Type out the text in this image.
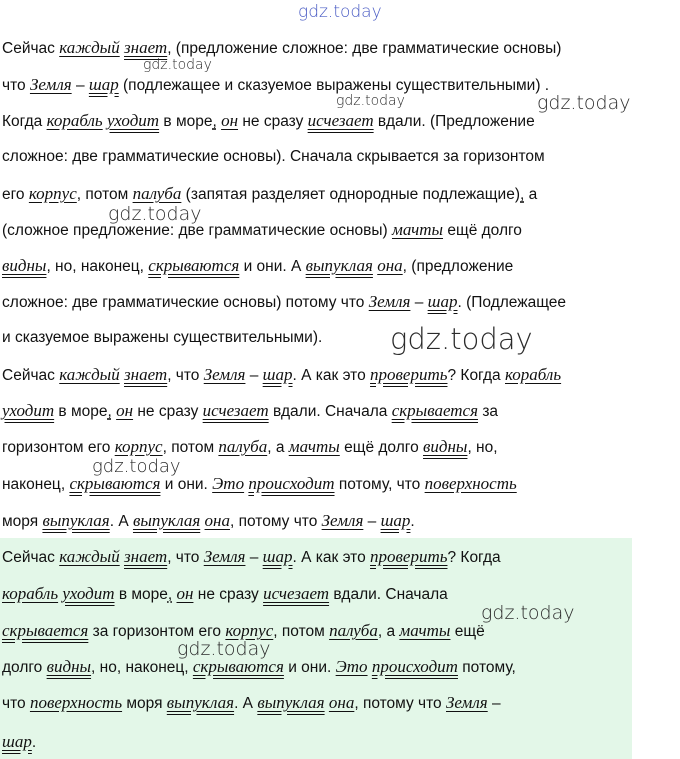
Сейчас каждый знает, (предложение сложное: две грамматические основы)
что Земля – шар (подлежащее и сказуемое выражены существительными) .
Когда корабль уходит в море, он не сразу исчезает вдали. (Предложение
сложное: две грамматические основы). Сначала скрывается за горизонтом
его корпус, потом палуба (запятая разделяет однородные подлежащие), а
(сложное предложение: две грамматические основы) мачты ещё долго
видны, но, наконец, скрываются и они. А выпуклая она, (предложение
сложное: две грамматические основы) потому что Земля – шар. (Подлежащее
и сказуемое выражены существительными).
Сейчас каждый знает, что Земля – шар. А как это проверить? Когда корабль
уходит в море, он не сразу исчезает вдали. Сначала скрывается за
горизонтом его корпус, потом палуба, а мачты ещё долго видны, но,
наконец, скрываются и они. Это происходит потому, что поверхность
моря выпуклая. А выпуклая она, потому что Земля – шар.
Сейчас каждый знает, что Земля – шар. А как это проверить? Когда
корабль уходит в море, он не сразу исчезает вдали. Сначала
скрывается за горизонтом его корпус, потом палуба, а мачты ещё
долго видны, но, наконец, скрываются и они. Это происходит потому,
что поверхность моря выпуклая. А выпуклая она, потому что Земля –
шар.
gdz.today
gdz.today
gdz.today	gdz.today
gdz.today
gdz.today
gdz.today
gdz.today
gdz.today
